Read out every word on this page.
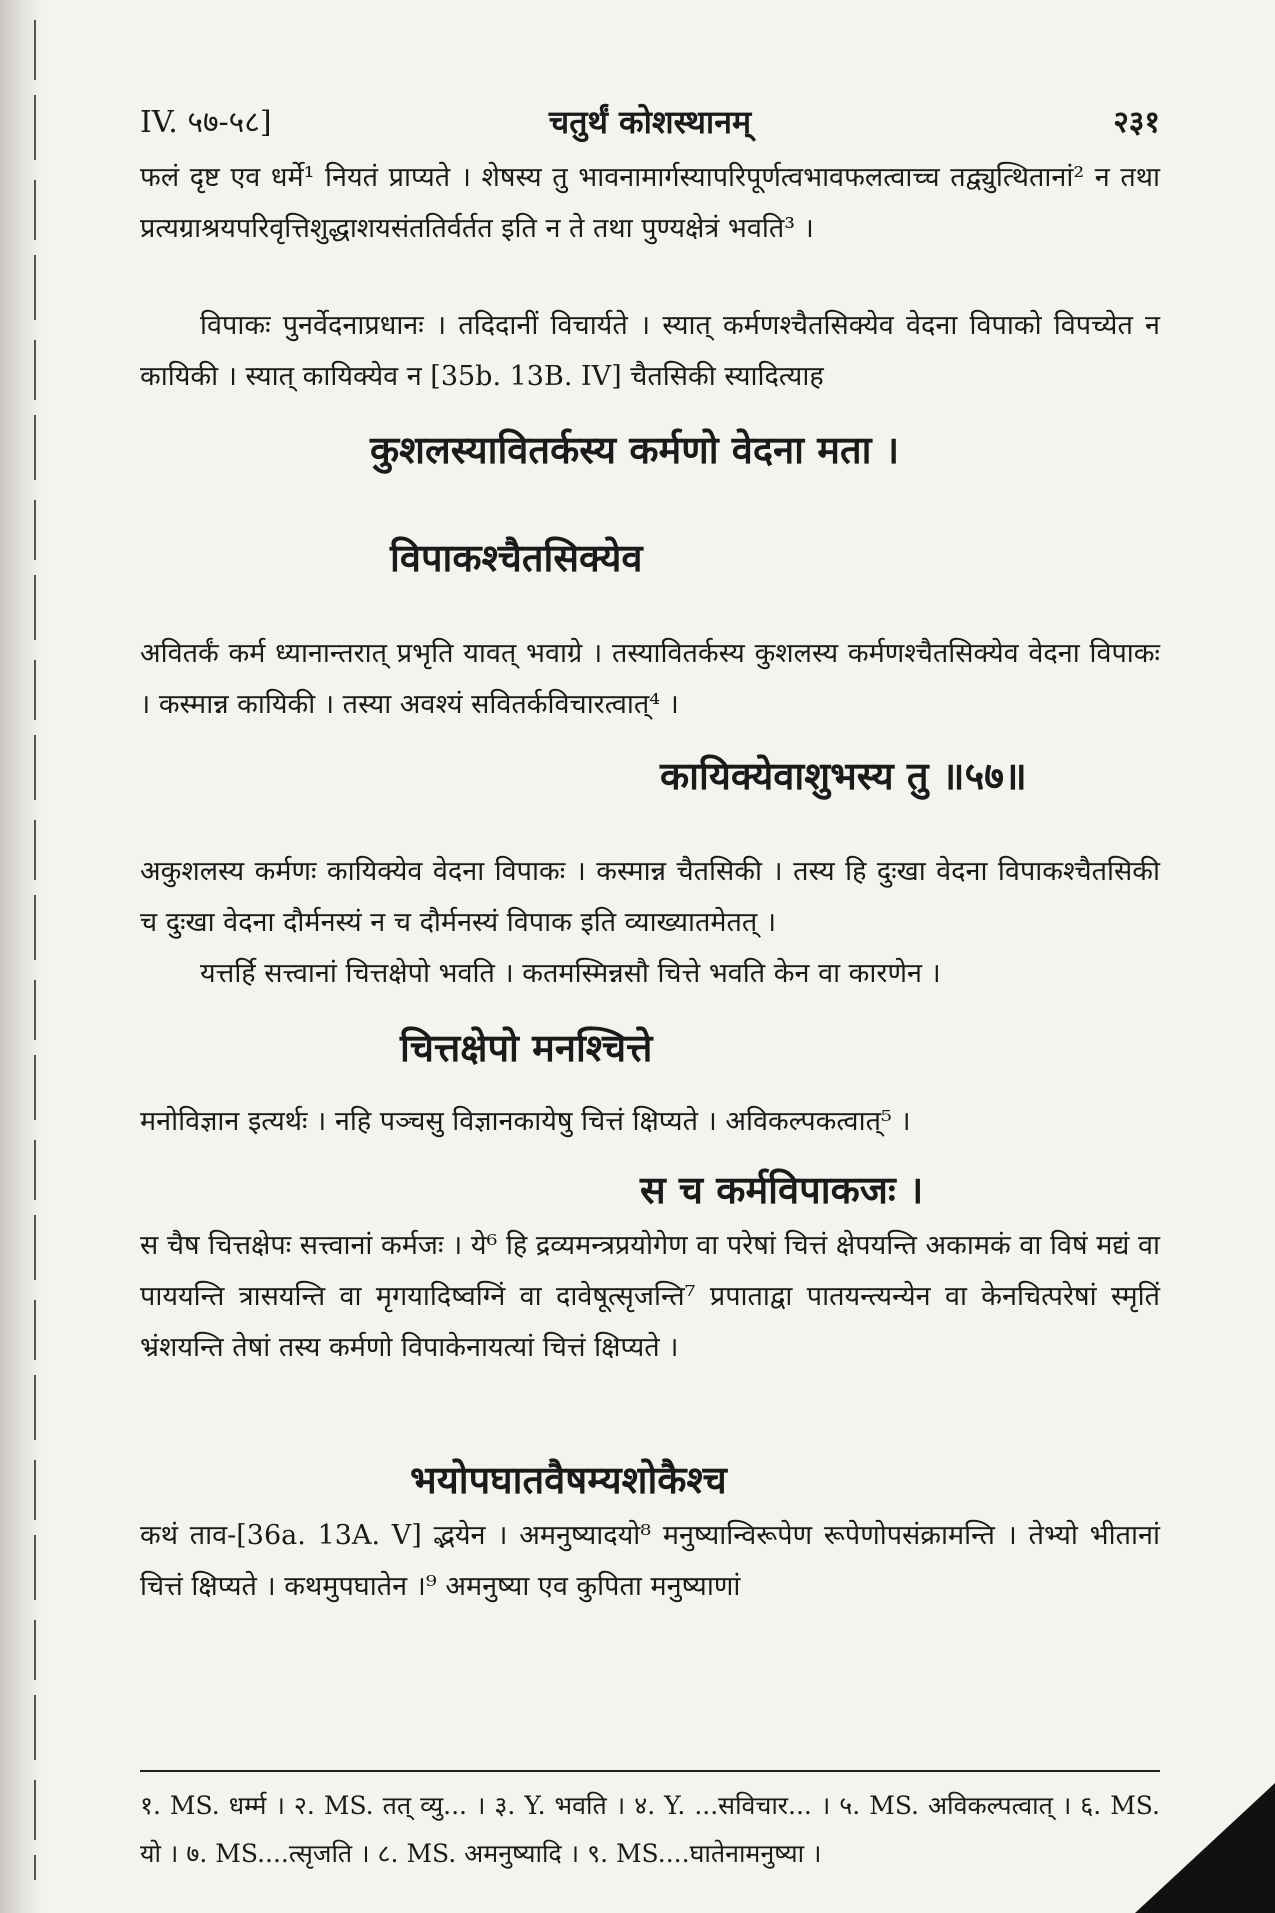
IV. ५७-५८]	चतुर्थं कोशस्थानम्	२३१
फलं दृष्ट एव धर्मे¹ नियतं प्राप्यते । शेषस्य तु भावनामार्गस्यापरिपूर्णत्वभावफलत्वाच्च तद्व्युत्थितानां² न तथा प्रत्यग्राश्रयपरिवृत्तिशुद्धाशयसंततिर्वर्तत इति न ते तथा पुण्यक्षेत्रं भवति³ ।
विपाकः पुनर्वेदनाप्रधानः । तदिदानीं विचार्यते । स्यात् कर्मणश्चैतसिक्येव वेदना विपाको विपच्येत न कायिकी । स्यात् कायिक्येव न [35b. 13B. IV] चैतसिकी स्यादित्याह
कुशलस्यावितर्कस्य कर्मणो वेदना मता ।
विपाकश्चैतसिक्येव
अवितर्कं कर्म ध्यानान्तरात् प्रभृति यावत् भवाग्रे । तस्यावितर्कस्य कुशलस्य कर्मणश्चैतसिक्येव वेदना विपाकः । कस्मान्न कायिकी । तस्या अवश्यं सवितर्कविचारत्वात्⁴ ।
कायिक्येवाशुभस्य तु ॥५७॥
अकुशलस्य कर्मणः कायिक्येव वेदना विपाकः । कस्मान्न चैतसिकी । तस्य हि दुःखा वेदना विपाकश्चैतसिकी च दुःखा वेदना दौर्मनस्यं न च दौर्मनस्यं विपाक इति व्याख्यातमेतत् ।
यत्तर्हि सत्त्वानां चित्तक्षेपो भवति । कतमस्मिन्नसौ चित्ते भवति केन वा कारणेन ।
चित्तक्षेपो मनश्चित्ते
मनोविज्ञान इत्यर्थः । नहि पञ्चसु विज्ञानकायेषु चित्तं क्षिप्यते । अविकल्पकत्वात्⁵ ।
स च कर्मविपाकजः ।
स चैष चित्तक्षेपः सत्त्वानां कर्मजः । ये⁶ हि द्रव्यमन्त्रप्रयोगेण वा परेषां चित्तं क्षेपयन्ति अकामकं वा विषं मद्यं वा पाययन्ति त्रासयन्ति वा मृगयादिष्वग्निं वा दावेषूत्सृजन्ति⁷ प्रपाताद्वा पातयन्त्यन्येन वा केनचित्परेषां स्मृतिं भ्रंशयन्ति तेषां तस्य कर्मणो विपाकेनायत्यां चित्तं क्षिप्यते ।
भयोपघातवैषम्यशोकैश्च
कथं ताव-[36a. 13A. V] द्भयेन । अमनुष्यादयो⁸ मनुष्यान्विरूपेण रूपेणोपसंक्रामन्ति । तेभ्यो भीतानां चित्तं क्षिप्यते । कथमुपघातेन ।⁹ अमनुष्या एव कुपिता मनुष्याणां
१. MS. धर्म्म । २. MS. तत् व्यु... । ३. Y. भवति । ४. Y. ...सविचार... । ५. MS. अविकल्पत्वात् । ६. MS. यो । ७. MS....त्सृजति । ८. MS. अमनुष्यादि । ९. MS....घातेनामनुष्या ।
